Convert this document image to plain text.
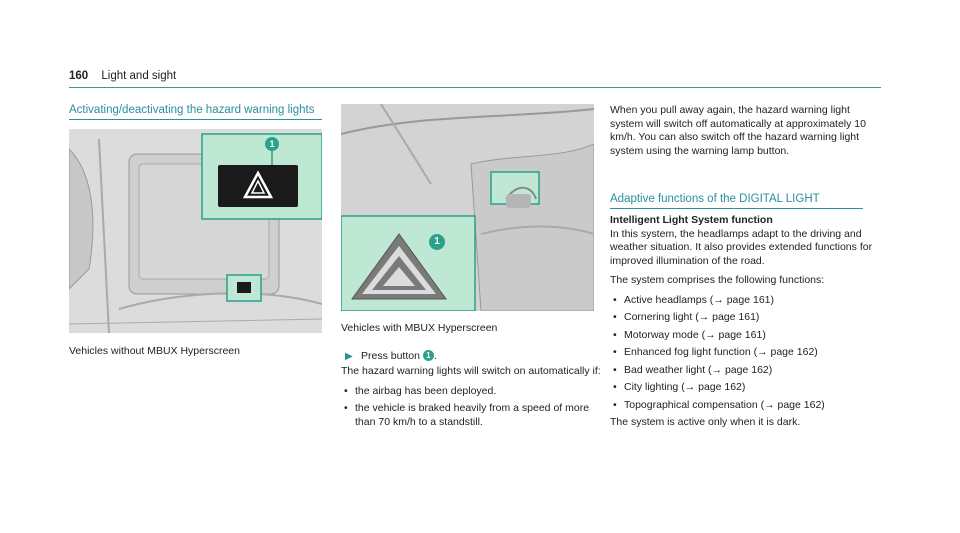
160 Light and sight
Activating/deactivating the hazard warning lights
1
Vehicles without MBUX Hyperscreen
1

Vehicles with MBUX Hyperscreen

▶ Press button 1 .

The hazard warning lights will switch on automatically if:

• the airbag has been deployed.
• the vehicle is braked heavily from a speed of more than 70 km/h to a standstill.

When you pull away again, the hazard warning light system will switch off automatically at approximately 10 km/h. You can also switch off the hazard warning light system using the warning lamp button.

Adaptive functions of the DIGITAL LIGHT
Intelligent Light System function

In this system, the headlamps adapt to the driving and weather situation. It also provides extended functions for improved illumination of the road.

The system comprises the following functions:

• Active headlamps (→ page 161)
• Cornering light (→ page 161)
• Motorway mode (→ page 161)
• Enhanced fog light function (→ page 162)
• Bad weather light (→ page 162)
• City lighting (→ page 162)
• Topographical compensation (→ page 162)

The system is active only when it is dark.
